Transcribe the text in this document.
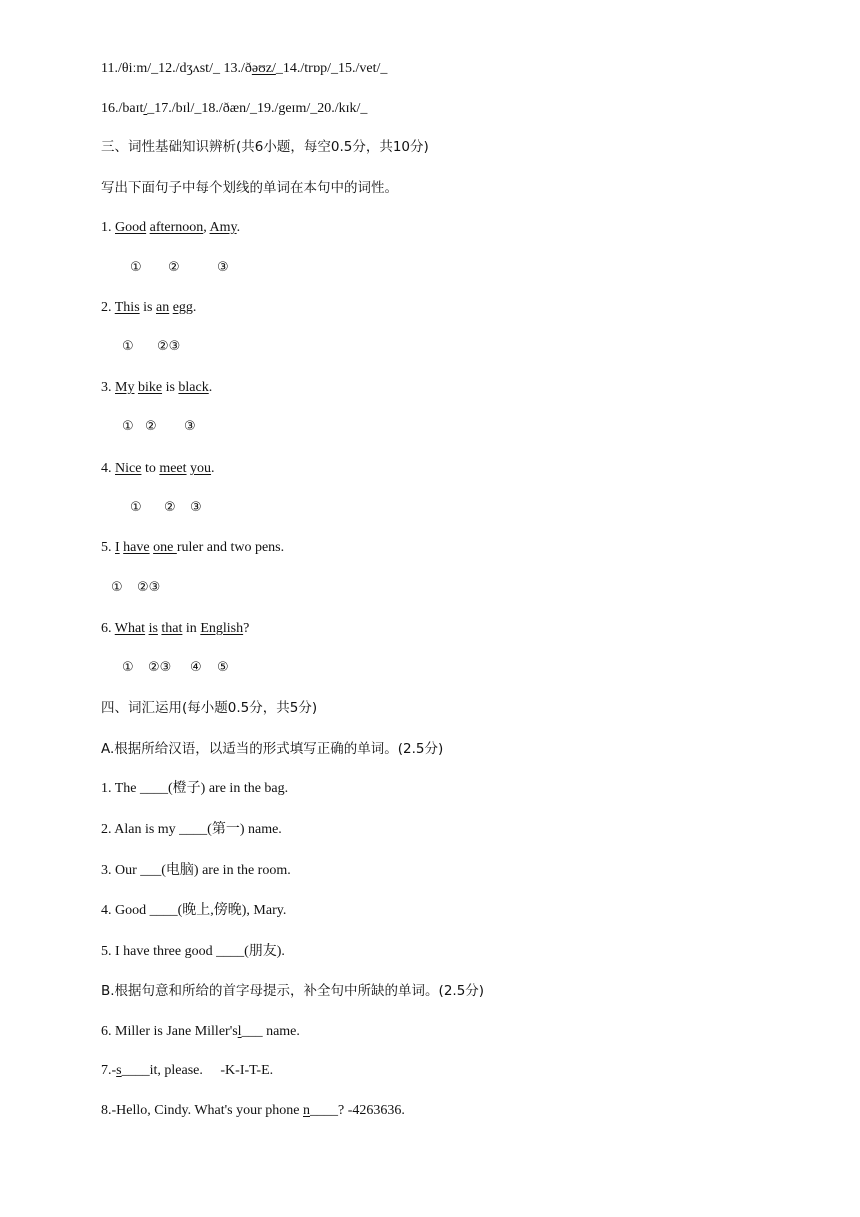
11./θiːm/_12./dʒʌst/_ 13./ðəʊz/_14./trɒp/_15./vet/_
16./baɪt/_17./bɪl/_18./ðæn/_19./geɪm/_20./kɪk/_
三、词性基础知识辨析(共6小题，每空0.5分，共10分)
写出下面句子中每个划线的单词在本句中的词性。
1. Good afternoon, Amy.
① ②	③
2. This is an egg.
① ②③
3. My bike is black.
① ② ③
4. Nice to meet you.
① ② ③
5. I have one ruler and two pens.
① ②③
6. What is that in English?
① ②③ ④ ⑤
四、词汇运用(每小题0.5分，共5分)
A.根据所给汉语，以适当的形式填写正确的单词。(2.5分)
1. The ____(橙子) are in the bag.
2. Alan is my ____(第一) name.
3. Our ___(电脑) are in the room.
4. Good ____(晚上,傍晚), Mary.
5. I have three good ____(朋友).
B.根据句意和所给的首字母提示，补全句中所缺的单词。(2.5分)
6. Miller is Jane Miller'sl___ name.
7.-s____it, please.     -K-I-T-E.
8.-Hello, Cindy. What's your phone n____? -4263636.
